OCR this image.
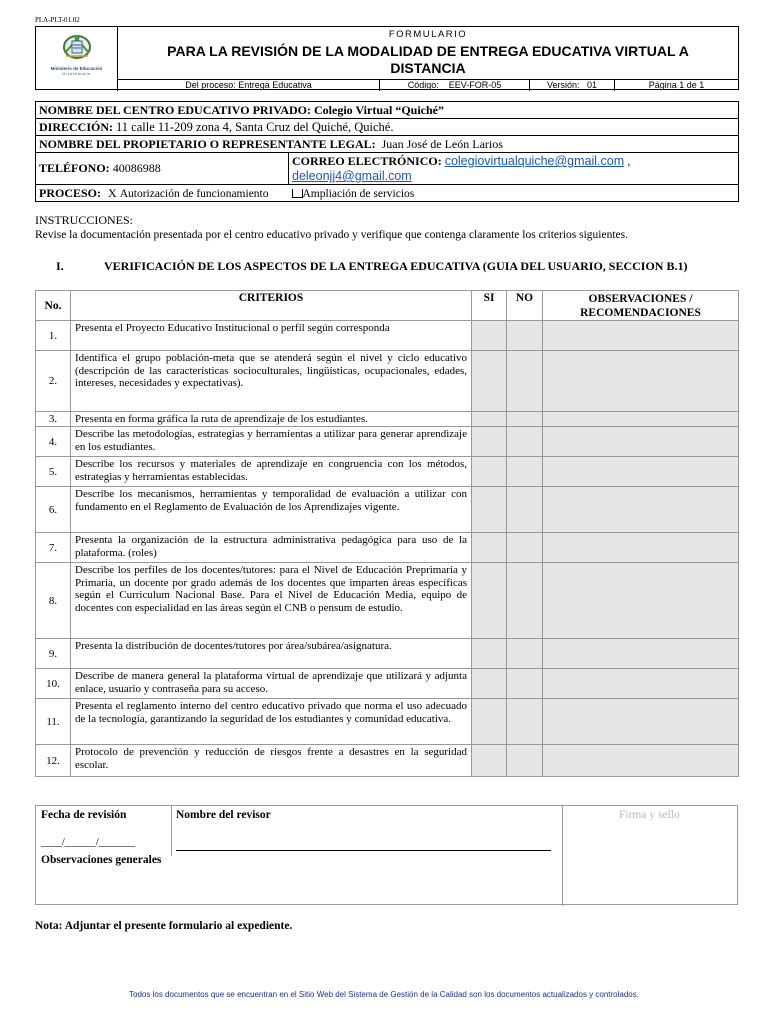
PLA-PLT-01.02
Ministerio de Educación
Guatemala
FORMULARIO
PARA LA REVISIÓN DE LA MODALIDAD DE ENTREGA EDUCATIVA VIRTUAL A DISTANCIA
Del proceso: Entrega Educativa	Código: EEV-FOR-05	Versión: 01	Página 1 de 1
NOMBRE DEL CENTRO EDUCATIVO PRIVADO: Colegio Virtual “Quiché”
DIRECCIÓN: 11 calle 11-209 zona 4, Santa Cruz del Quiché, Quiché.
NOMBRE DEL PROPIETARIO O REPRESENTANTE LEGAL: Juan José de León Larios
TELÉFONO: 40086988	CORREO ELECTRÓNICO: colegiovirtualquiche@gmail.com ,
deleonjj4@gmail.com
PROCESO: X Autorización de funcionamiento	Ampliación de servicios
INSTRUCCIONES:
Revise la documentación presentada por el centro educativo privado y verifique que contenga claramente los criterios siguientes.
I.	VERIFICACIÓN DE LOS ASPECTOS DE LA ENTREGA EDUCATIVA (GUIA DEL USUARIO, SECCION B.1)
No.	CRITERIOS	SI	NO	OBSERVACIONES / RECOMENDACIONES
1.	Presenta el Proyecto Educativo Institucional o perfil según corresponda			
2.	Identifica el grupo población-meta que se atenderá según el nivel y ciclo educativo (descripción de las características socioculturales, lingüísticas, ocupacionales, edades, intereses, necesidades y expectativas).			
3.	Presenta en forma gráfica la ruta de aprendizaje de los estudiantes.			
4.	Describe las metodologías, estrategias y herramientas a utilizar para generar aprendizaje en los estudiantes.			
5.	Describe los recursos y materiales de aprendizaje en congruencia con los métodos, estrategias y herramientas establecidas.			
6.	Describe los mecanismos, herramientas y temporalidad de evaluación a utilizar con fundamento en el Reglamento de Evaluación de los Aprendizajes vigente.			
7.	Presenta la organización de la estructura administrativa pedagógica para uso de la plataforma. (roles)			
8.	Describe los perfiles de los docentes/tutores: para el Nivel de Educación Preprimaria y Primaria, un docente por grado además de los docentes que imparten áreas específicas según el Curriculum Nacional Base. Para el Nivel de Educación Media, equipo de docentes con especialidad en las áreas según el CNB o pensum de estudio.			
9.	Presenta la distribución de docentes/tutores por área/subárea/asignatura.			
10.	Describe de manera general la plataforma virtual de aprendizaje que utilizará y adjunta enlace, usuario y contraseña para su acceso.			
11.	Presenta el reglamento interno del centro educativo privado que norma el uso adecuado de la tecnología, garantizando la seguridad de los estudiantes y comunidad educativa.			
12.	Protocolo de prevención y reducción de riesgos frente a desastres en la seguridad escolar.			
Fecha de revisión
____/______/_______
Nombre del revisor	Firma y sello
Observaciones generales
Nota: Adjuntar el presente formulario al expediente.
Todos los documentos que se encuentran en el Sitio Web del Sistema de Gestión de la Calidad son los documentos actualizados y controlados.
